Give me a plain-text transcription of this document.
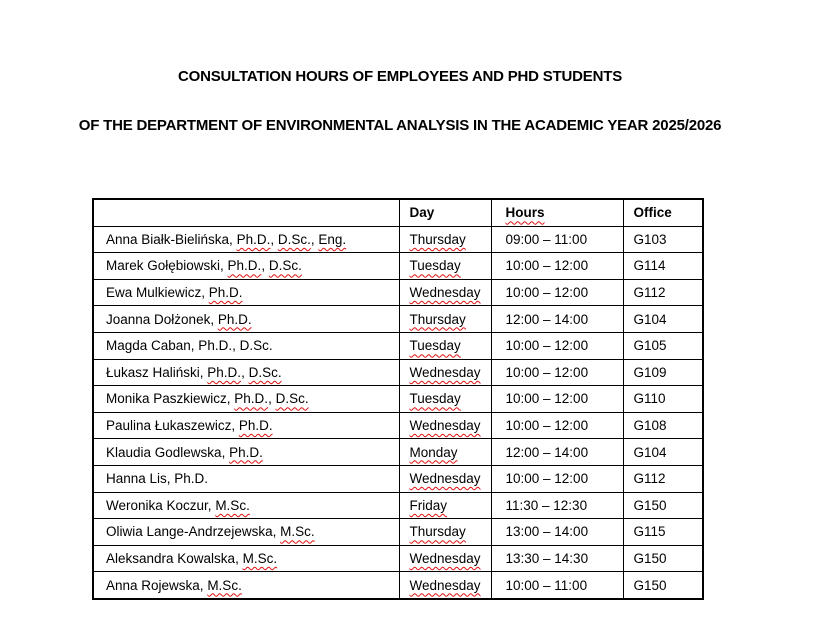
CONSULTATION HOURS OF EMPLOYEES AND PHD STUDENTS
OF THE DEPARTMENT OF ENVIRONMENTAL ANALYSIS IN THE ACADEMIC YEAR 2025/2026
	Day	Hours	Office
Anna Białk-Bielińska, Ph.D., D.Sc., Eng.	Thursday	09:00 – 11:00	G103
Marek Gołębiowski, Ph.D., D.Sc.	Tuesday	10:00 – 12:00	G114
Ewa Mulkiewicz, Ph.D.	Wednesday	10:00 – 12:00	G112
Joanna Dołżonek, Ph.D.	Thursday	12:00 – 14:00	G104
Magda Caban, Ph.D., D.Sc.	Tuesday	10:00 – 12:00	G105
Łukasz Haliński, Ph.D., D.Sc.	Wednesday	10:00 – 12:00	G109
Monika Paszkiewicz, Ph.D., D.Sc.	Tuesday	10:00 – 12:00	G110
Paulina Łukaszewicz, Ph.D.	Wednesday	10:00 – 12:00	G108
Klaudia Godlewska, Ph.D.	Monday	12:00 – 14:00	G104
Hanna Lis, Ph.D.	Wednesday	10:00 – 12:00	G112
Weronika Koczur, M.Sc.	Friday	11:30 – 12:30	G150
Oliwia Lange-Andrzejewska, M.Sc.	Thursday	13:00 – 14:00	G115
Aleksandra Kowalska, M.Sc.	Wednesday	13:30 – 14:30	G150
Anna Rojewska, M.Sc.	Wednesday	10:00 – 11:00	G150
